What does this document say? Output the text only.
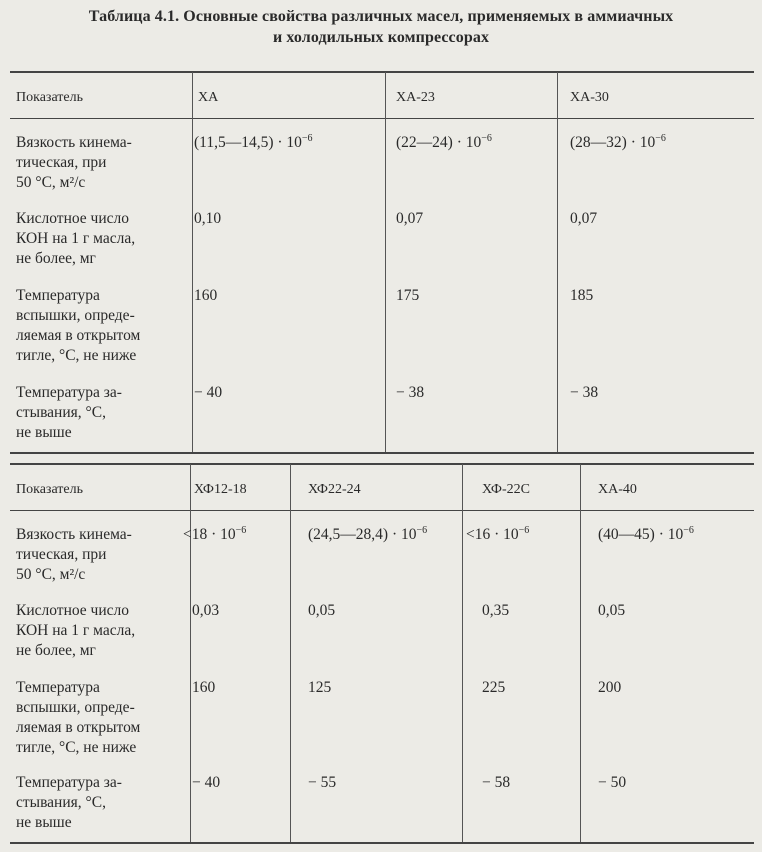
Таблица 4.1. Основные свойства различных масел, применяемых в аммиачных
и холодильных компрессорах
Показатель	ХА	ХА-23	ХА-30
Вязкость кинема-
тическая, при
50 °С, м²/с
(11,5—14,5) · $10^{-6}$	(22—24) · $10^{-6}$	(28—32) · $10^{-6}$
Кислотное число
КОН на 1 г масла,
не более, мг
0,10	0,07	0,07
Температура
вспышки, опреде-
ляемая в открытом
тигле, °С, не ниже
160	175	185
Температура за-
стывания, °С,
не выше
− 40	− 38	− 38
Показатель	ХФ12-18	ХФ22-24	ХФ-22С	ХА-40
Вязкость кинема-
тическая, при
50 °С, м²/с
$<18 \cdot 10^{-6}$	(24,5—28,4) · $10^{-6}$	$<16 \cdot 10^{-6}$	(40—45) · $10^{-6}$
Кислотное число
КОН на 1 г масла,
не более, мг
0,03	0,05	0,35	0,05
Температура
вспышки, опреде-
ляемая в открытом
тигле, °С, не ниже
160	125	225	200
Температура за-
стывания, °С,
не выше
− 40	− 55	− 58	− 50
